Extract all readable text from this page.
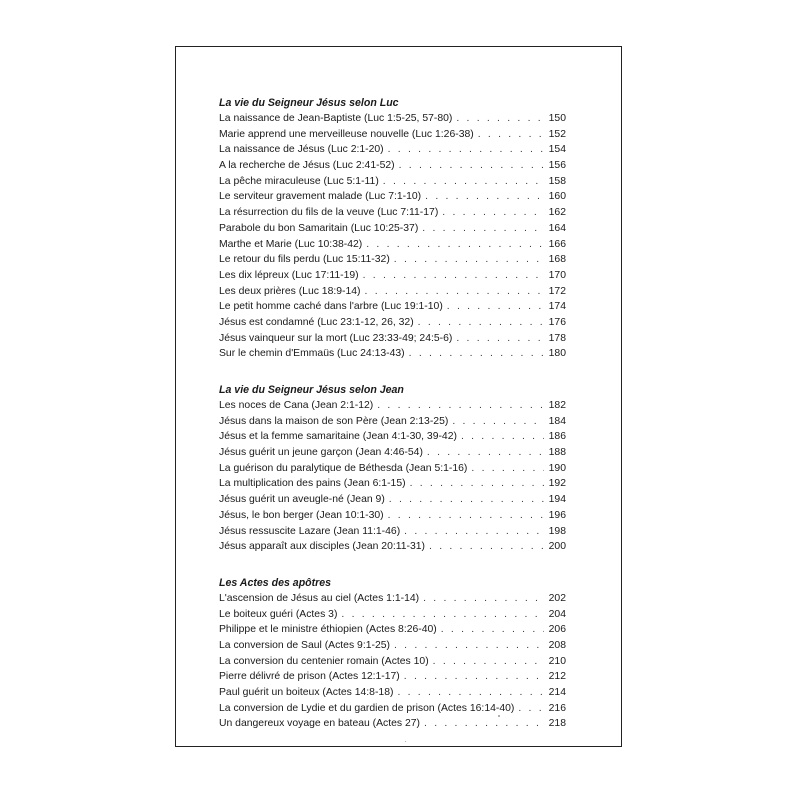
La vie du Seigneur Jésus selon Luc
La naissance de Jean-Baptiste (Luc 1:5-25, 57-80) . . .	150
Marie apprend une merveilleuse nouvelle (Luc 1:26-38) . . .	152
La naissance de Jésus (Luc 2:1-20) . . .	154
A la recherche de Jésus (Luc 2:41-52) . . .	156
La pêche miraculeuse (Luc 5:1-11) . . .	158
Le serviteur gravement malade (Luc 7:1-10) . . .	160
La résurrection du fils de la veuve (Luc 7:11-17) . . .	162
Parabole du bon Samaritain (Luc 10:25-37) . . .	164
Marthe et Marie (Luc 10:38-42) . . .	166
Le retour du fils perdu (Luc 15:11-32) . . .	168
Les dix lépreux (Luc 17:11-19) . . .	170
Les deux prières (Luc 18:9-14) . . .	172
Le petit homme caché dans l'arbre (Luc 19:1-10) . . .	174
Jésus est condamné (Luc 23:1-12, 26, 32) . . .	176
Jésus vainqueur sur la mort (Luc 23:33-49; 24:5-6) . . .	178
Sur le chemin d'Emmaüs (Luc 24:13-43) . . .	180
La vie du Seigneur Jésus selon Jean
Les noces de Cana (Jean 2:1-12) . . .	182
Jésus dans la maison de son Père (Jean 2:13-25) . . .	184
Jésus et la femme samaritaine (Jean 4:1-30, 39-42) . . .	186
Jésus guérit un jeune garçon (Jean 4:46-54) . . .	188
La guérison du paralytique de Béthesda (Jean 5:1-16) . . .	190
La multiplication des pains (Jean 6:1-15) . . .	192
Jésus guérit un aveugle-né (Jean 9) . . .	194
Jésus, le bon berger (Jean 10:1-30) . . .	196
Jésus ressuscite Lazare (Jean 11:1-46) . . .	198
Jésus apparaît aux disciples (Jean 20:11-31) . . .	200
Les Actes des apôtres
L'ascension de Jésus au ciel (Actes 1:1-14) . . .	202
Le boiteux guéri (Actes 3) . . .	204
Philippe et le ministre éthiopien (Actes 8:26-40) . . .	206
La conversion de Saul (Actes 9:1-25) . . .	208
La conversion du centenier romain (Actes 10) . . .	210
Pierre délivré de prison (Actes 12:1-17) . . .	212
Paul guérit un boiteux (Actes 14:8-18) . . .	214
La conversion de Lydie et du gardien de prison (Actes 16:14-40) . . .	216
Un dangereux voyage en bateau (Actes 27) . . .	218
